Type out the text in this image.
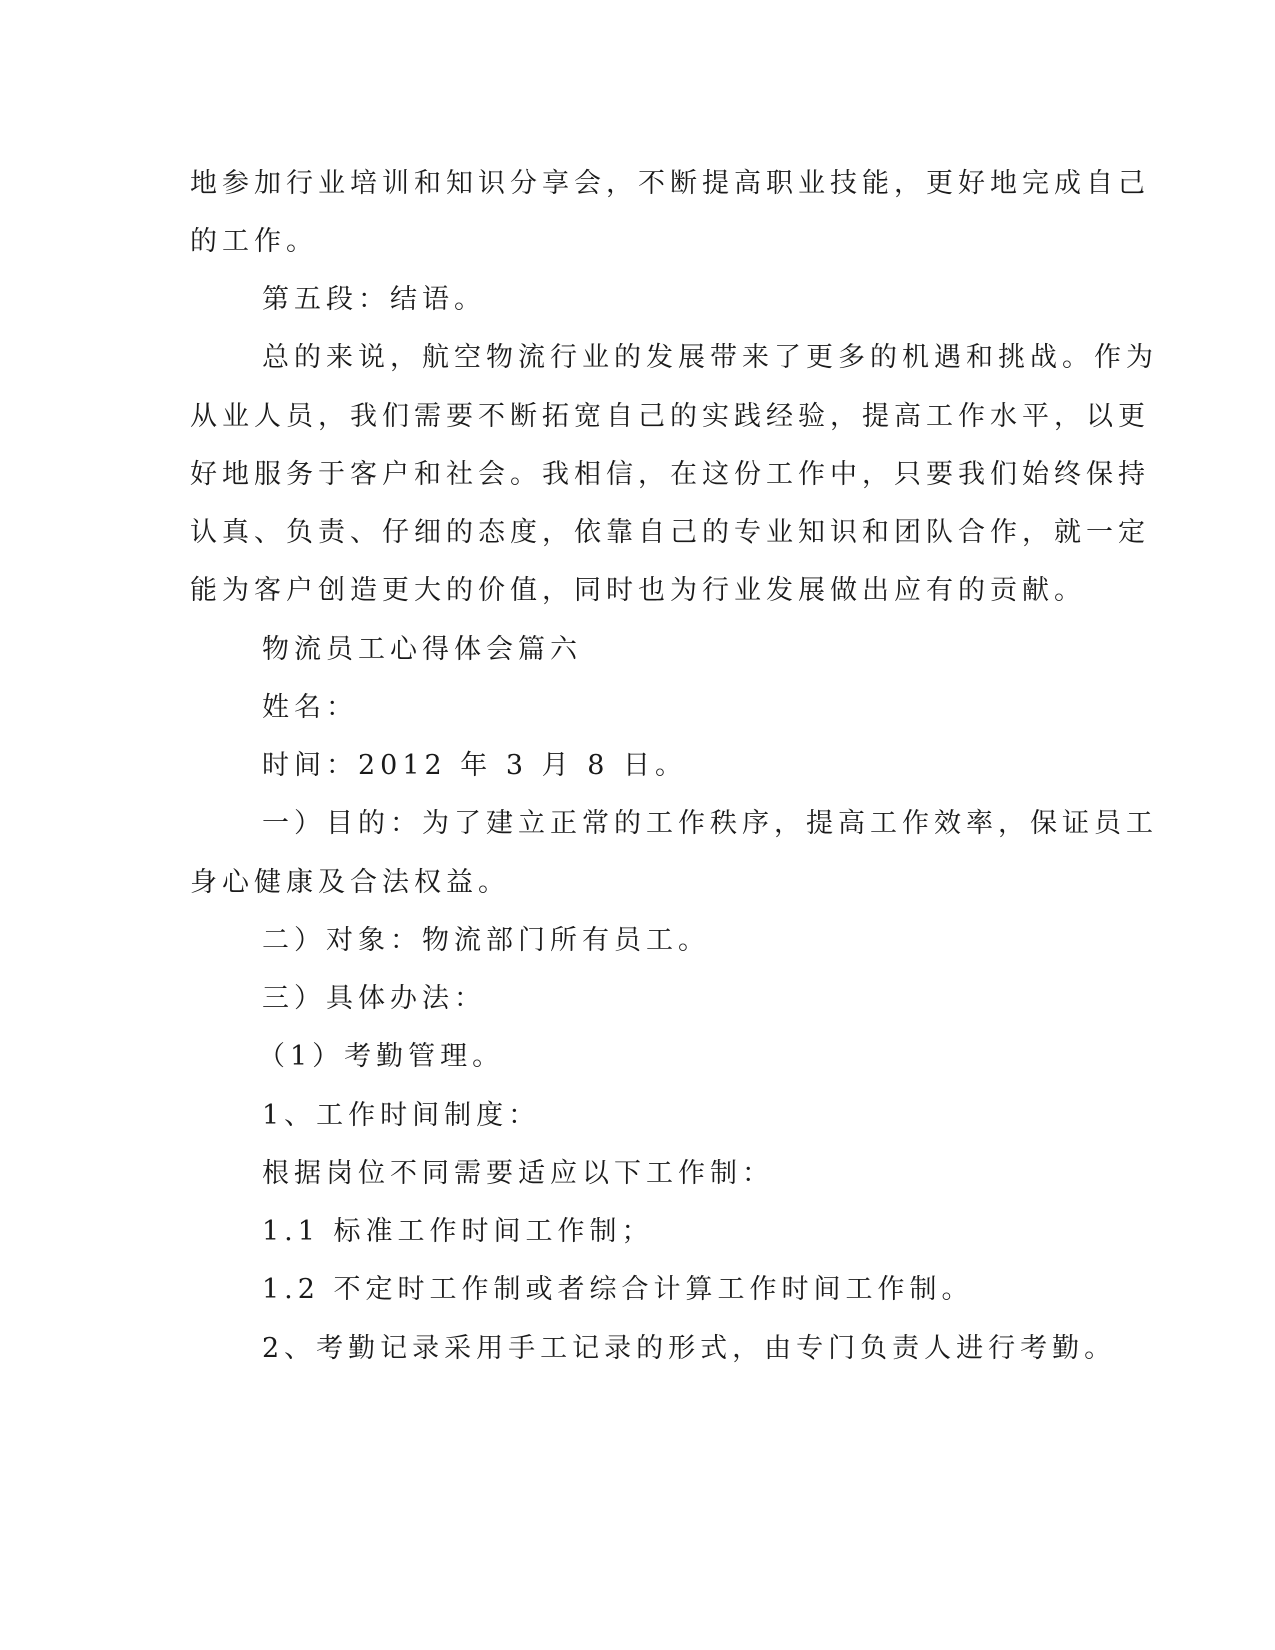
地参加行业培训和知识分享会，不断提高职业技能，更好地完成自己
的工作。
第五段：结语。
总的来说，航空物流行业的发展带来了更多的机遇和挑战。作为
从业人员，我们需要不断拓宽自己的实践经验，提高工作水平，以更
好地服务于客户和社会。我相信，在这份工作中，只要我们始终保持
认真、负责、仔细的态度，依靠自己的专业知识和团队合作，就一定
能为客户创造更大的价值，同时也为行业发展做出应有的贡献。
物流员工心得体会篇六
姓名：
时间：2012 年 3 月 8 日。
一）目的：为了建立正常的工作秩序，提高工作效率，保证员工
身心健康及合法权益。
二）对象：物流部门所有员工。
三）具体办法：
（1）考勤管理。
1、工作时间制度：
根据岗位不同需要适应以下工作制：
1.1 标准工作时间工作制；
1.2 不定时工作制或者综合计算工作时间工作制。
2、考勤记录采用手工记录的形式，由专门负责人进行考勤。
